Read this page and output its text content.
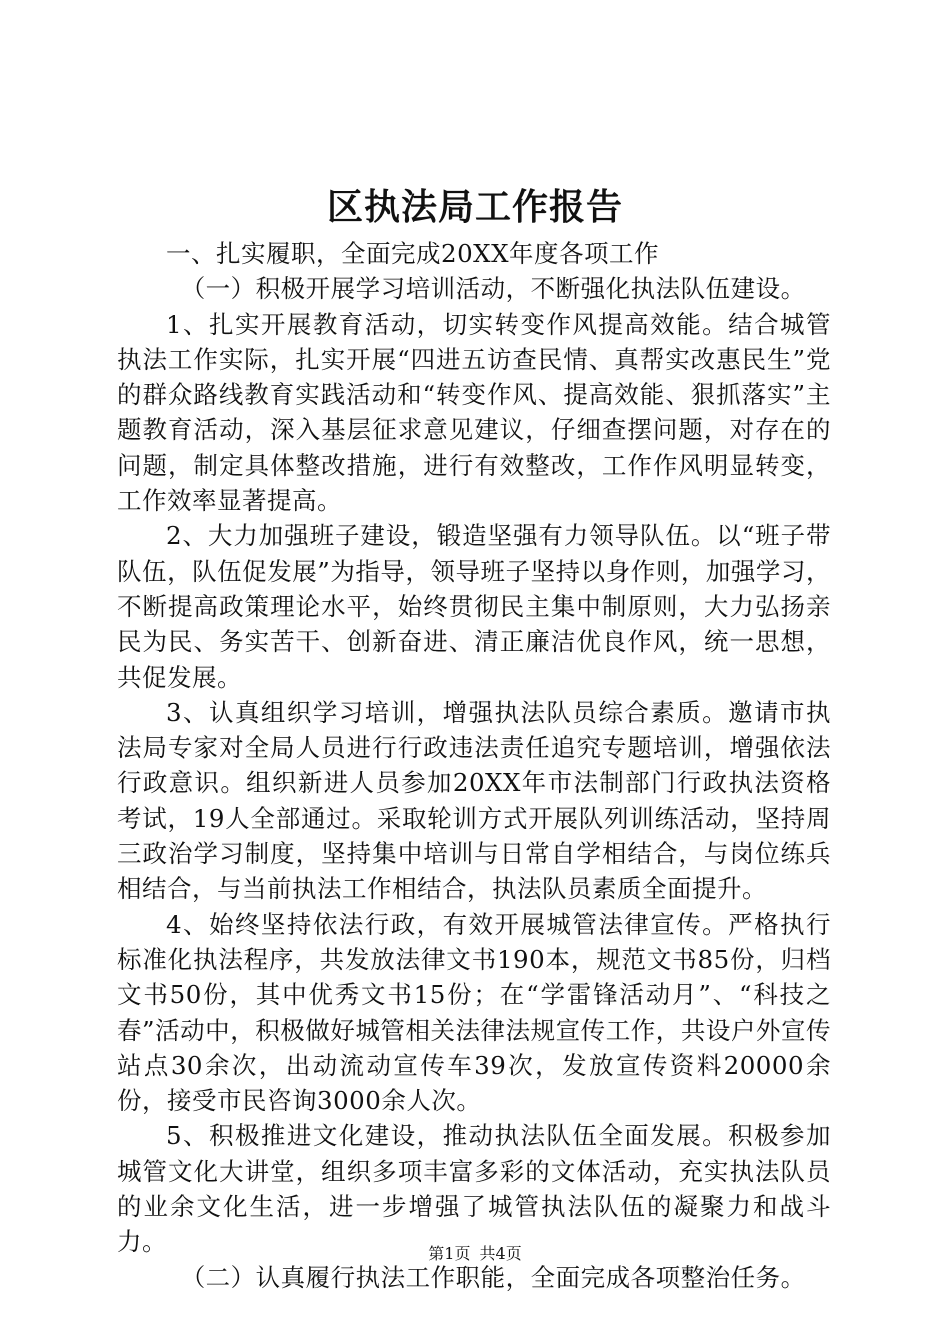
区执法局工作报告

一、扎实履职，全面完成20XX年度各项工作

（一）积极开展学习培训活动，不断强化执法队伍建设。

1、扎实开展教育活动，切实转变作风提高效能。结合城管执法工作实际，扎实开展“四进五访查民情、真帮实改惠民生”党的群众路线教育实践活动和“转变作风、提高效能、狠抓落实”主题教育活动，深入基层征求意见建议，仔细查摆问题，对存在的问题，制定具体整改措施，进行有效整改，工作作风明显转变，工作效率显著提高。

2、大力加强班子建设，锻造坚强有力领导队伍。以“班子带队伍，队伍促发展”为指导，领导班子坚持以身作则，加强学习，不断提高政策理论水平，始终贯彻民主集中制原则，大力弘扬亲民为民、务实苦干、创新奋进、清正廉洁优良作风，统一思想，共促发展。

3、认真组织学习培训，增强执法队员综合素质。邀请市执法局专家对全局人员进行行政违法责任追究专题培训，增强依法行政意识。组织新进人员参加20XX年市法制部门行政执法资格考试，19人全部通过。采取轮训方式开展队列训练活动，坚持周三政治学习制度，坚持集中培训与日常自学相结合，与岗位练兵相结合，与当前执法工作相结合，执法队员素质全面提升。

4、始终坚持依法行政，有效开展城管法律宣传。严格执行标准化执法程序，共发放法律文书190本，规范文书85份，归档文书50份，其中优秀文书15份；在“学雷锋活动月”、“科技之春”活动中，积极做好城管相关法律法规宣传工作，共设户外宣传站点30余次，出动流动宣传车39次，发放宣传资料20000余份，接受市民咨询3000余人次。

5、积极推进文化建设，推动执法队伍全面发展。积极参加城管文化大讲堂，组织多项丰富多彩的文体活动，充实执法队员的业余文化生活，进一步增强了城管执法队伍的凝聚力和战斗力。

（二）认真履行执法工作职能，全面完成各项整治任务。

第1页 共4页
